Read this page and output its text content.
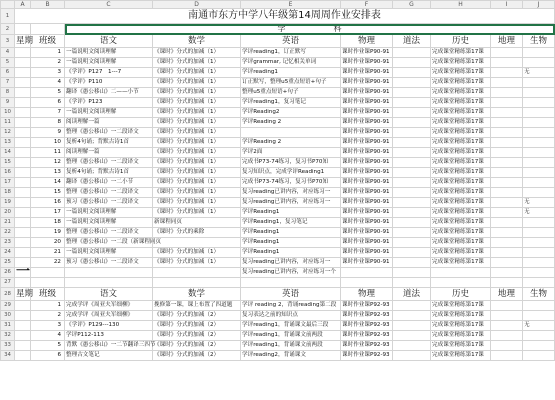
	A	B	C	D	E	F	G	H	I	J	
1	南通市东方中学八年级第14周周作业安排表										
2			学　　　　　　科								
3	星期	班级	语文	数学	英语	物理	道法	历史	地理	生物	
4		1	一篇说明文阅读理解	《课时》分式的加减（1）	学评reading1，订正默写	课时作业课P90-91		完成课堂精练第17课			
5		2	一篇说明文阅读理解	《课时》分式的加减（1）	学评grammar, 记忆相关单词	课时作业课P90-91		完成课堂精练第17课			
6		3	《学评》P127　1---7	《课时》分式的加减（1）	学评reading1	课时作业课P90-91		完成课堂精练第17课		无	
7		4	《学评》P110	《课时》分式的加减（1）	订正默写，整理u5重点短语+句子	课时作业课P90-91		完成课堂精练第17课			
8		5	翻译《愚公移山》二——小节	《课时》分式的加减（1）	整理u5重点短语+句子	课时作业课P90-91		完成课堂精练第17课			
9		6	《学评》P123	《课时》分式的加减（1）	学评reading1，复习笔记	课时作业课P90-91		完成课堂精练第17课			
10		7	一篇说明文阅读理解	《课时》分式的加减（1）	学评Reading2	课时作业课P90-91		完成课堂精练第17课			
11		8	阅读理解一篇	《课时》分式的加减（1）	学评Reading 2	课时作业课P90-91		完成课堂精练第17课			
12		9	整理《愚公移山》一二段译文	《课时》分式的加减（1）		课时作业课P90-91		完成课堂精练第17课			
13		10	复析4句诵；背默古诗1首	《课时》分式的加减（1）	学评Reading 2	课时作业课P90-91		完成课堂精练第17课			
14		11	阅读理解一篇	《课时》分式的加减（1）	学评2面	课时作业课P90-91		完成课堂精练第17课			
15		12	整理《愚公移山》一二段译文	《课时》分式的加减（1）	完成书P73-74练习，复习书P70知	课时作业课P90-91		完成课堂精练第17课			
16		13	复析4句诵；背默古诗1首	《课时》分式的加减（1）	复习知识点，完成学评Reading1	课时作业课P90-91		完成课堂精练第17课			
17		14	翻译《愚公移山》一二小节	《课时》分式的加减（1）	完成书P73-74练习，复习书P70知	课时作业课P90-91		完成课堂精练第17课			
18		15	整理《愚公移山》一二段译文	《课时》分式的加减（1）	复习reading已讲内容，对应练习一	课时作业课P90-91		完成课堂精练第17课			
19		16	预习《愚公移山》一二段译文	《课时》分式的加减（1）	复习reading已讲内容，对应练习一	课时作业课P90-91		完成课堂精练第17课		无	
20		17	一篇说明文阅读理解	《课时》分式的加减（1）	学评Reading1	课时作业课P90-91		完成课堂精练第17课		无	
21		18	一篇说明文阅读理解	新课程同页	学评Reading1，复习笔记	课时作业课P90-91		完成课堂精练第17课			
22		19	整理《愚公移山》一二段译文	《课时》分式的乘除	学评Reading1	课时作业课P90-91		完成课堂精练第17课			
23		20	整理《愚公移山》一二段（新课程同页		学评Reading1	课时作业课P90-91		完成课堂精练第17课			
24		21	一篇说明文阅读理解	《课时》分式的加减（1）	学评Reading1	课时作业课P90-91		完成课堂精练第17课			
25		22	预习《愚公移山》一二段译文	《课时》分式的加减（1）	复习reading已讲内容，对应练习一	课时作业课P90-91		完成课堂精练第17课			
26	一				复习reading已讲内容，对应练习一个						
27											
28	星期	班级	语文	数学	英语	物理	道法	历史	地理	生物	
29		1	完成学评《周亚夫军细柳》	挽修第一课，课上布置了四道题	学评 reading 2，背诵reading第二段	课时作业课P92-93		完成课堂精练第17课			
30		2	完成学评《周亚夫军细柳》	《课时》分式的加减（2）	复习表达之前的知识点	课时作业课P92-93		完成课堂精练第17课			
31		3	《学评》P129---130	《课时》分式的加减（2）	学评reading1，背诵课文最后三段	课时作业课P92-93		完成课堂精练第17课		无	
32		4	学评P112-113	《课时》分式的加减（2）	学评reading1，背诵课文前两段	课时作业课P92-93		完成课堂精练第17课			
33		5	背默《愚公移山》一二节翻译三四节	《课时》分式的加减（2）	学评reading1，背诵课文前两段	课时作业课P92-93		完成课堂精练第17课			
34		6	整理古文笔记	《课时》分式的加减（2）	学评reading2，背诵课文	课时作业课P92-93		完成课堂精练第17课			
